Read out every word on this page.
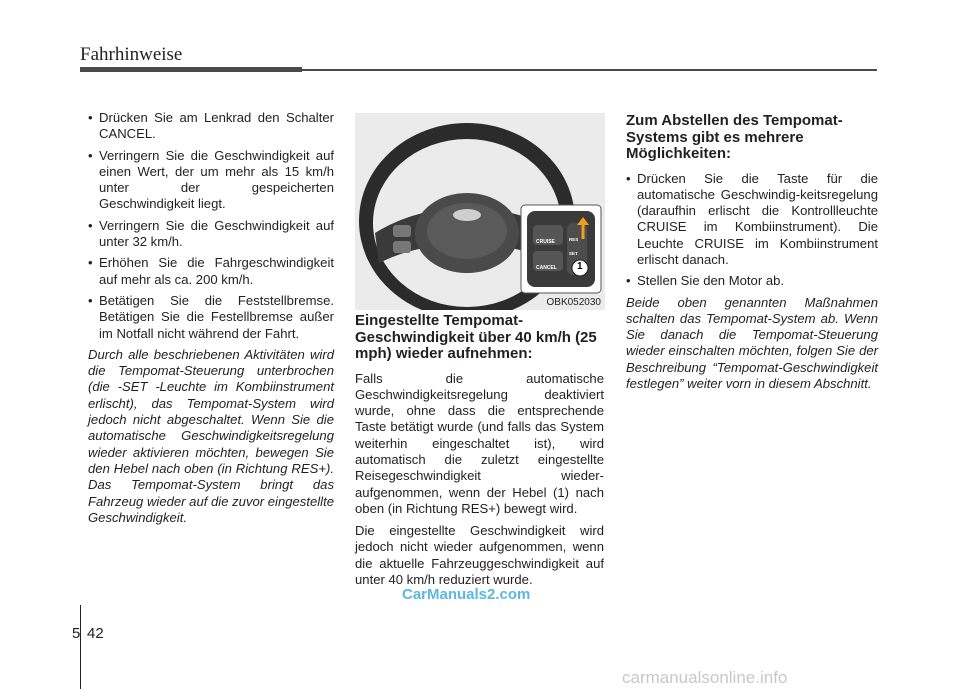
Fahrhinweise
• Drücken Sie am Lenkrad den Schalter CANCEL.
• Verringern Sie die Geschwindigkeit auf einen Wert, der um mehr als 15 km/h unter der gespeicherten Geschwindigkeit liegt.
• Verringern Sie die Geschwindigkeit auf unter 32 km/h.
• Erhöhen Sie die Fahrgeschwindigkeit auf mehr als ca. 200 km/h.
• Betätigen Sie die Feststellbremse. Betätigen Sie die Festellbremse außer im Notfall nicht während der Fahrt.

Durch alle beschriebenen Aktivitäten wird die Tempomat-Steuerung unterbrochen (die -SET -Leuchte im Kombiinstrument erlischt), das Tempomat-System wird jedoch nicht abgeschaltet. Wenn Sie die automatische Geschwindigkeitsregelung wieder aktivieren möchten, bewegen Sie den Hebel nach oben (in Richtung RES+). Das Tempomat-System bringt das Fahrzeug wieder auf die zuvor eingestellte Geschwindigkeit.

CRUISE
CANCEL
RES
SET
1
OBK052030
Eingestellte Tempomat-Geschwindigkeit über 40 km/h (25 mph) wieder aufnehmen:

Falls die automatische Geschwindigkeitsregelung deaktiviert wurde, ohne dass die entsprechende Taste betätigt wurde (und falls das System weiterhin eingeschaltet ist), wird automatisch die zuletzt eingestellte Reisegeschwindigkeit wieder-aufgenommen, wenn der Hebel (1) nach oben (in Richtung RES+) bewegt wird.

Die eingestellte Geschwindigkeit wird jedoch nicht wieder aufgenommen, wenn die aktuelle Fahrzeuggeschwindigkeit auf unter 40 km/h reduziert wurde.

Zum Abstellen des Tempomat-Systems gibt es mehrere Möglichkeiten:
• Drücken Sie die Taste für die automatische Geschwindig-keitsregelung (daraufhin erlischt die Kontrollleuchte CRUISE im Kombiinstrument). Die Leuchte CRUISE im Kombiinstrument erlischt danach.
• Stellen Sie den Motor ab.

Beide oben genannten Maßnahmen schalten das Tempomat-System ab. Wenn Sie danach die Tempomat-Steuerung wieder einschalten möchten, folgen Sie der Beschreibung “Tempomat-Geschwindigkeit festlegen” weiter vorn in diesem Abschnitt.

CarManuals2.com
5 42
carmanualsonline.info
